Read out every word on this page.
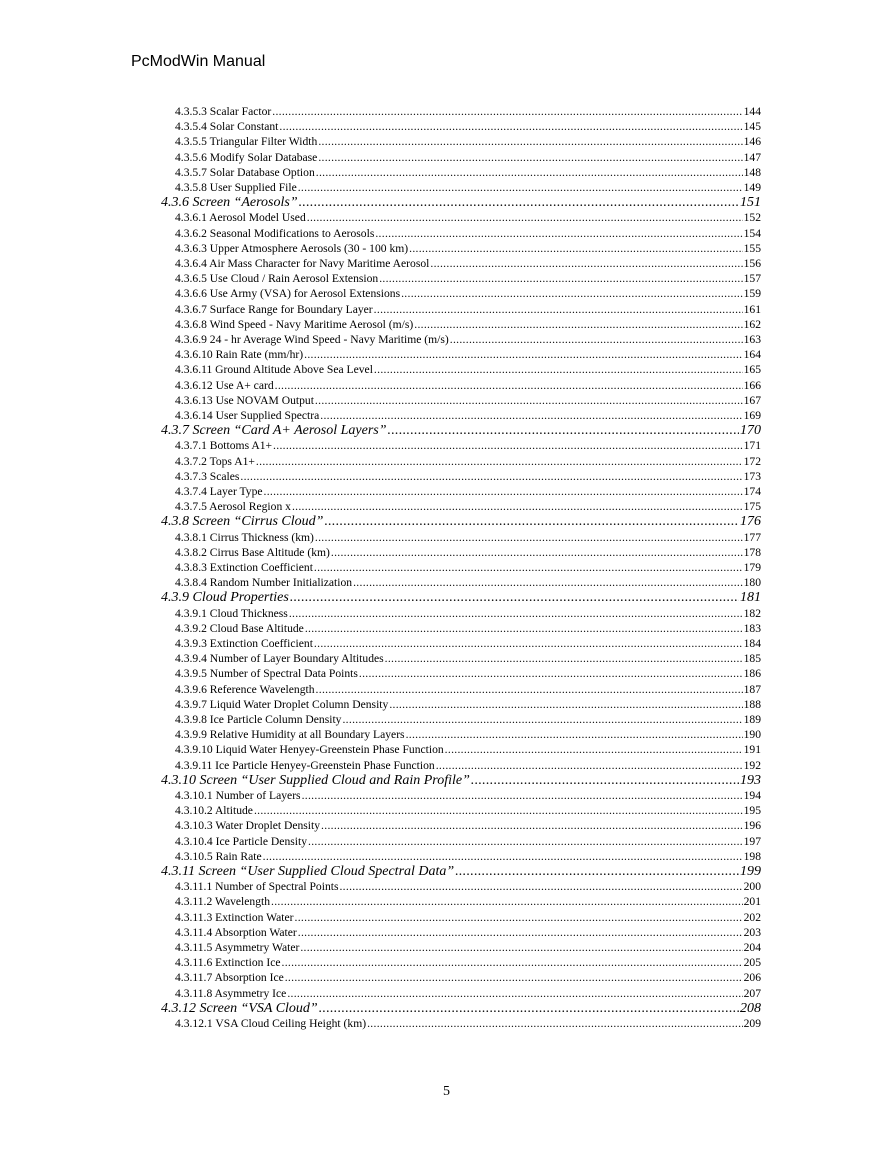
PcModWin Manual
4.3.5.3 Scalar Factor .....	144
4.3.5.4 Solar Constant .....	145
4.3.5.5 Triangular Filter Width .....	146
4.3.5.6 Modify Solar Database .....	147
4.3.5.7 Solar Database Option .....	148
4.3.5.8 User Supplied File .....	149
4.3.6 Screen “Aerosols” .....	151
4.3.6.1 Aerosol Model Used .....	152
4.3.6.2 Seasonal Modifications to Aerosols .....	154
4.3.6.3 Upper Atmosphere Aerosols (30 - 100 km) .....	155
4.3.6.4 Air Mass Character for Navy Maritime Aerosol .....	156
4.3.6.5 Use Cloud / Rain Aerosol Extension .....	157
4.3.6.6 Use Army (VSA) for Aerosol Extensions .....	159
4.3.6.7 Surface Range for Boundary Layer .....	161
4.3.6.8 Wind Speed - Navy Maritime Aerosol (m/s) .....	162
4.3.6.9 24 - hr Average Wind Speed - Navy Maritime (m/s) .....	163
4.3.6.10 Rain Rate (mm/hr) .....	164
4.3.6.11 Ground Altitude Above Sea Level .....	165
4.3.6.12 Use A+ card .....	166
4.3.6.13 Use NOVAM Output .....	167
4.3.6.14 User Supplied Spectra .....	169
4.3.7 Screen “Card A+ Aerosol Layers” .....	170
4.3.7.1 Bottoms A1+ .....	171
4.3.7.2 Tops A1+ .....	172
4.3.7.3 Scales .....	173
4.3.7.4 Layer Type .....	174
4.3.7.5 Aerosol Region x .....	175
4.3.8 Screen “Cirrus Cloud” .....	176
4.3.8.1 Cirrus Thickness (km) .....	177
4.3.8.2 Cirrus Base Altitude (km) .....	178
4.3.8.3 Extinction Coefficient .....	179
4.3.8.4 Random Number Initialization .....	180
4.3.9 Cloud Properties .....	181
4.3.9.1 Cloud Thickness .....	182
4.3.9.2 Cloud Base Altitude .....	183
4.3.9.3 Extinction Coefficient .....	184
4.3.9.4 Number of Layer Boundary Altitudes .....	185
4.3.9.5 Number of Spectral Data Points .....	186
4.3.9.6 Reference Wavelength .....	187
4.3.9.7 Liquid Water Droplet Column Density .....	188
4.3.9.8 Ice Particle Column Density .....	189
4.3.9.9 Relative Humidity at all Boundary Layers .....	190
4.3.9.10 Liquid Water Henyey-Greenstein Phase Function .....	191
4.3.9.11 Ice Particle Henyey-Greenstein Phase Function .....	192
4.3.10 Screen “User Supplied Cloud and Rain Profile” .....	193
4.3.10.1 Number of Layers .....	194
4.3.10.2 Altitude .....	195
4.3.10.3 Water Droplet Density .....	196
4.3.10.4 Ice Particle Density .....	197
4.3.10.5 Rain Rate .....	198
4.3.11 Screen “User Supplied Cloud Spectral Data” .....	199
4.3.11.1 Number of Spectral Points .....	200
4.3.11.2 Wavelength .....	201
4.3.11.3 Extinction Water .....	202
4.3.11.4 Absorption Water .....	203
4.3.11.5 Asymmetry Water .....	204
4.3.11.6 Extinction Ice .....	205
4.3.11.7 Absorption Ice .....	206
4.3.11.8 Asymmetry Ice .....	207
4.3.12 Screen “VSA Cloud” .....	208
4.3.12.1 VSA Cloud Ceiling Height (km) .....	209
5
